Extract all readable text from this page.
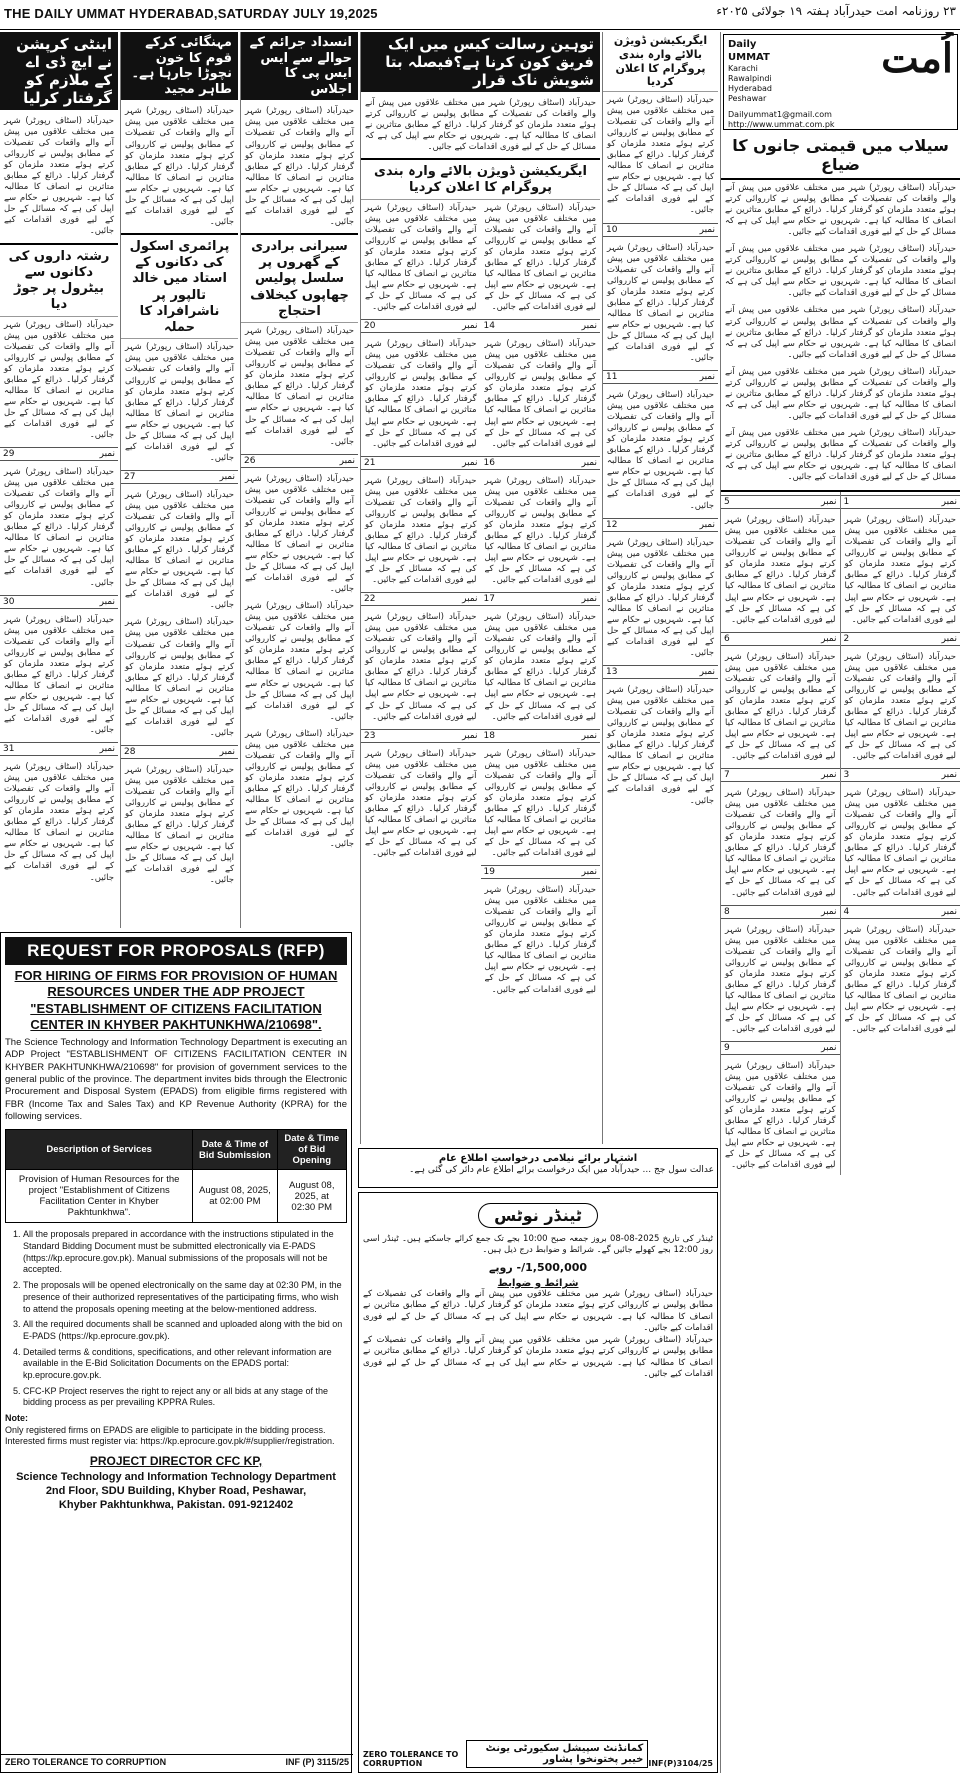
THE DAILY UMMAT HYDERABAD,SATURDAY JULY 19,2025	۲۳ روزنامہ امت حیدرآباد ہفتہ ۱۹ جولائی ۲۰۲۵ء
اینٹی کرپشن نے ایچ ڈی اے کے ملازم کو گرفتار کرلیا
حیدرآباد (اسٹاف رپورٹر) شہر میں مختلف علاقوں میں پیش آنے والے واقعات کی تفصیلات کے مطابق پولیس نے کارروائی کرتے ہوئے متعدد ملزمان کو گرفتار کرلیا۔ ذرائع کے مطابق متاثرین نے انصاف کا مطالبہ کیا ہے۔ شہریوں نے حکام سے اپیل کی ہے کہ مسائل کے حل کے لیے فوری اقدامات کیے جائیں۔
رشتہ داروں کی دکانوں سے بیٹرول پر جوڑ دیا
حیدرآباد (اسٹاف رپورٹر) شہر میں مختلف علاقوں میں پیش آنے والے واقعات کی تفصیلات کے مطابق پولیس نے کارروائی کرتے ہوئے متعدد ملزمان کو گرفتار کرلیا۔ ذرائع کے مطابق متاثرین نے انصاف کا مطالبہ کیا ہے۔ شہریوں نے حکام سے اپیل کی ہے کہ مسائل کے حل کے لیے فوری اقدامات کیے جائیں۔
نمبر
29
حیدرآباد (اسٹاف رپورٹر) شہر میں مختلف علاقوں میں پیش آنے والے واقعات کی تفصیلات کے مطابق پولیس نے کارروائی کرتے ہوئے متعدد ملزمان کو گرفتار کرلیا۔ ذرائع کے مطابق متاثرین نے انصاف کا مطالبہ کیا ہے۔ شہریوں نے حکام سے اپیل کی ہے کہ مسائل کے حل کے لیے فوری اقدامات کیے جائیں۔
نمبر
30
حیدرآباد (اسٹاف رپورٹر) شہر میں مختلف علاقوں میں پیش آنے والے واقعات کی تفصیلات کے مطابق پولیس نے کارروائی کرتے ہوئے متعدد ملزمان کو گرفتار کرلیا۔ ذرائع کے مطابق متاثرین نے انصاف کا مطالبہ کیا ہے۔ شہریوں نے حکام سے اپیل کی ہے کہ مسائل کے حل کے لیے فوری اقدامات کیے جائیں۔
نمبر
31
حیدرآباد (اسٹاف رپورٹر) شہر میں مختلف علاقوں میں پیش آنے والے واقعات کی تفصیلات کے مطابق پولیس نے کارروائی کرتے ہوئے متعدد ملزمان کو گرفتار کرلیا۔ ذرائع کے مطابق متاثرین نے انصاف کا مطالبہ کیا ہے۔ شہریوں نے حکام سے اپیل کی ہے کہ مسائل کے حل کے لیے فوری اقدامات کیے جائیں۔
مہنگائی کرکے قوم کا خون نچوڑا جارہا ہے۔طاہر مجید
حیدرآباد (اسٹاف رپورٹر) شہر میں مختلف علاقوں میں پیش آنے والے واقعات کی تفصیلات کے مطابق پولیس نے کارروائی کرتے ہوئے متعدد ملزمان کو گرفتار کرلیا۔ ذرائع کے مطابق متاثرین نے انصاف کا مطالبہ کیا ہے۔ شہریوں نے حکام سے اپیل کی ہے کہ مسائل کے حل کے لیے فوری اقدامات کیے جائیں۔
پرائمری اسکول کی دکانوں کے استاد میں خالد تالپور پر ناشرافراد کا حملہ
حیدرآباد (اسٹاف رپورٹر) شہر میں مختلف علاقوں میں پیش آنے والے واقعات کی تفصیلات کے مطابق پولیس نے کارروائی کرتے ہوئے متعدد ملزمان کو گرفتار کرلیا۔ ذرائع کے مطابق متاثرین نے انصاف کا مطالبہ کیا ہے۔ شہریوں نے حکام سے اپیل کی ہے کہ مسائل کے حل کے لیے فوری اقدامات کیے جائیں۔
نمبر
27
حیدرآباد (اسٹاف رپورٹر) شہر میں مختلف علاقوں میں پیش آنے والے واقعات کی تفصیلات کے مطابق پولیس نے کارروائی کرتے ہوئے متعدد ملزمان کو گرفتار کرلیا۔ ذرائع کے مطابق متاثرین نے انصاف کا مطالبہ کیا ہے۔ شہریوں نے حکام سے اپیل کی ہے کہ مسائل کے حل کے لیے فوری اقدامات کیے جائیں۔
حیدرآباد (اسٹاف رپورٹر) شہر میں مختلف علاقوں میں پیش آنے والے واقعات کی تفصیلات کے مطابق پولیس نے کارروائی کرتے ہوئے متعدد ملزمان کو گرفتار کرلیا۔ ذرائع کے مطابق متاثرین نے انصاف کا مطالبہ کیا ہے۔ شہریوں نے حکام سے اپیل کی ہے کہ مسائل کے حل کے لیے فوری اقدامات کیے جائیں۔
نمبر
28
حیدرآباد (اسٹاف رپورٹر) شہر میں مختلف علاقوں میں پیش آنے والے واقعات کی تفصیلات کے مطابق پولیس نے کارروائی کرتے ہوئے متعدد ملزمان کو گرفتار کرلیا۔ ذرائع کے مطابق متاثرین نے انصاف کا مطالبہ کیا ہے۔ شہریوں نے حکام سے اپیل کی ہے کہ مسائل کے حل کے لیے فوری اقدامات کیے جائیں۔
انسداد جرائم کے حوالے سے ایس ایس پی کا اجلاس
حیدرآباد (اسٹاف رپورٹر) شہر میں مختلف علاقوں میں پیش آنے والے واقعات کی تفصیلات کے مطابق پولیس نے کارروائی کرتے ہوئے متعدد ملزمان کو گرفتار کرلیا۔ ذرائع کے مطابق متاثرین نے انصاف کا مطالبہ کیا ہے۔ شہریوں نے حکام سے اپیل کی ہے کہ مسائل کے حل کے لیے فوری اقدامات کیے جائیں۔
سیرانی برادری کے گھروں پر سلسل پولیس چھاپوں کیخلاف احتجاج
حیدرآباد (اسٹاف رپورٹر) شہر میں مختلف علاقوں میں پیش آنے والے واقعات کی تفصیلات کے مطابق پولیس نے کارروائی کرتے ہوئے متعدد ملزمان کو گرفتار کرلیا۔ ذرائع کے مطابق متاثرین نے انصاف کا مطالبہ کیا ہے۔ شہریوں نے حکام سے اپیل کی ہے کہ مسائل کے حل کے لیے فوری اقدامات کیے جائیں۔
نمبر
26
حیدرآباد (اسٹاف رپورٹر) شہر میں مختلف علاقوں میں پیش آنے والے واقعات کی تفصیلات کے مطابق پولیس نے کارروائی کرتے ہوئے متعدد ملزمان کو گرفتار کرلیا۔ ذرائع کے مطابق متاثرین نے انصاف کا مطالبہ کیا ہے۔ شہریوں نے حکام سے اپیل کی ہے کہ مسائل کے حل کے لیے فوری اقدامات کیے جائیں۔
حیدرآباد (اسٹاف رپورٹر) شہر میں مختلف علاقوں میں پیش آنے والے واقعات کی تفصیلات کے مطابق پولیس نے کارروائی کرتے ہوئے متعدد ملزمان کو گرفتار کرلیا۔ ذرائع کے مطابق متاثرین نے انصاف کا مطالبہ کیا ہے۔ شہریوں نے حکام سے اپیل کی ہے کہ مسائل کے حل کے لیے فوری اقدامات کیے جائیں۔
حیدرآباد (اسٹاف رپورٹر) شہر میں مختلف علاقوں میں پیش آنے والے واقعات کی تفصیلات کے مطابق پولیس نے کارروائی کرتے ہوئے متعدد ملزمان کو گرفتار کرلیا۔ ذرائع کے مطابق متاثرین نے انصاف کا مطالبہ کیا ہے۔ شہریوں نے حکام سے اپیل کی ہے کہ مسائل کے حل کے لیے فوری اقدامات کیے جائیں۔
توہین رسالت کیس میں ایک فریق کون کرنا ہے؟فیصلہ بتا شویش ناک قرار
حیدرآباد (اسٹاف رپورٹر) شہر میں مختلف علاقوں میں پیش آنے والے واقعات کی تفصیلات کے مطابق پولیس نے کارروائی کرتے ہوئے متعدد ملزمان کو گرفتار کرلیا۔ ذرائع کے مطابق متاثرین نے انصاف کا مطالبہ کیا ہے۔ شہریوں نے حکام سے اپیل کی ہے کہ مسائل کے حل کے لیے فوری اقدامات کیے جائیں۔
ایگریکیشن ڈویژن بالائے وارہ بندی پروگرام کا اعلان کردیا
حیدرآباد (اسٹاف رپورٹر) شہر میں مختلف علاقوں میں پیش آنے والے واقعات کی تفصیلات کے مطابق پولیس نے کارروائی کرتے ہوئے متعدد ملزمان کو گرفتار کرلیا۔ ذرائع کے مطابق متاثرین نے انصاف کا مطالبہ کیا ہے۔ شہریوں نے حکام سے اپیل کی ہے کہ مسائل کے حل کے لیے فوری اقدامات کیے جائیں۔
نمبر
20
حیدرآباد (اسٹاف رپورٹر) شہر میں مختلف علاقوں میں پیش آنے والے واقعات کی تفصیلات کے مطابق پولیس نے کارروائی کرتے ہوئے متعدد ملزمان کو گرفتار کرلیا۔ ذرائع کے مطابق متاثرین نے انصاف کا مطالبہ کیا ہے۔ شہریوں نے حکام سے اپیل کی ہے کہ مسائل کے حل کے لیے فوری اقدامات کیے جائیں۔
نمبر
21
حیدرآباد (اسٹاف رپورٹر) شہر میں مختلف علاقوں میں پیش آنے والے واقعات کی تفصیلات کے مطابق پولیس نے کارروائی کرتے ہوئے متعدد ملزمان کو گرفتار کرلیا۔ ذرائع کے مطابق متاثرین نے انصاف کا مطالبہ کیا ہے۔ شہریوں نے حکام سے اپیل کی ہے کہ مسائل کے حل کے لیے فوری اقدامات کیے جائیں۔
نمبر
22
حیدرآباد (اسٹاف رپورٹر) شہر میں مختلف علاقوں میں پیش آنے والے واقعات کی تفصیلات کے مطابق پولیس نے کارروائی کرتے ہوئے متعدد ملزمان کو گرفتار کرلیا۔ ذرائع کے مطابق متاثرین نے انصاف کا مطالبہ کیا ہے۔ شہریوں نے حکام سے اپیل کی ہے کہ مسائل کے حل کے لیے فوری اقدامات کیے جائیں۔
نمبر
23
حیدرآباد (اسٹاف رپورٹر) شہر میں مختلف علاقوں میں پیش آنے والے واقعات کی تفصیلات کے مطابق پولیس نے کارروائی کرتے ہوئے متعدد ملزمان کو گرفتار کرلیا۔ ذرائع کے مطابق متاثرین نے انصاف کا مطالبہ کیا ہے۔ شہریوں نے حکام سے اپیل کی ہے کہ مسائل کے حل کے لیے فوری اقدامات کیے جائیں۔
حیدرآباد (اسٹاف رپورٹر) شہر میں مختلف علاقوں میں پیش آنے والے واقعات کی تفصیلات کے مطابق پولیس نے کارروائی کرتے ہوئے متعدد ملزمان کو گرفتار کرلیا۔ ذرائع کے مطابق متاثرین نے انصاف کا مطالبہ کیا ہے۔ شہریوں نے حکام سے اپیل کی ہے کہ مسائل کے حل کے لیے فوری اقدامات کیے جائیں۔
نمبر
14
حیدرآباد (اسٹاف رپورٹر) شہر میں مختلف علاقوں میں پیش آنے والے واقعات کی تفصیلات کے مطابق پولیس نے کارروائی کرتے ہوئے متعدد ملزمان کو گرفتار کرلیا۔ ذرائع کے مطابق متاثرین نے انصاف کا مطالبہ کیا ہے۔ شہریوں نے حکام سے اپیل کی ہے کہ مسائل کے حل کے لیے فوری اقدامات کیے جائیں۔
نمبر
16
حیدرآباد (اسٹاف رپورٹر) شہر میں مختلف علاقوں میں پیش آنے والے واقعات کی تفصیلات کے مطابق پولیس نے کارروائی کرتے ہوئے متعدد ملزمان کو گرفتار کرلیا۔ ذرائع کے مطابق متاثرین نے انصاف کا مطالبہ کیا ہے۔ شہریوں نے حکام سے اپیل کی ہے کہ مسائل کے حل کے لیے فوری اقدامات کیے جائیں۔
نمبر
17
حیدرآباد (اسٹاف رپورٹر) شہر میں مختلف علاقوں میں پیش آنے والے واقعات کی تفصیلات کے مطابق پولیس نے کارروائی کرتے ہوئے متعدد ملزمان کو گرفتار کرلیا۔ ذرائع کے مطابق متاثرین نے انصاف کا مطالبہ کیا ہے۔ شہریوں نے حکام سے اپیل کی ہے کہ مسائل کے حل کے لیے فوری اقدامات کیے جائیں۔
نمبر
18
حیدرآباد (اسٹاف رپورٹر) شہر میں مختلف علاقوں میں پیش آنے والے واقعات کی تفصیلات کے مطابق پولیس نے کارروائی کرتے ہوئے متعدد ملزمان کو گرفتار کرلیا۔ ذرائع کے مطابق متاثرین نے انصاف کا مطالبہ کیا ہے۔ شہریوں نے حکام سے اپیل کی ہے کہ مسائل کے حل کے لیے فوری اقدامات کیے جائیں۔
نمبر
19
حیدرآباد (اسٹاف رپورٹر) شہر میں مختلف علاقوں میں پیش آنے والے واقعات کی تفصیلات کے مطابق پولیس نے کارروائی کرتے ہوئے متعدد ملزمان کو گرفتار کرلیا۔ ذرائع کے مطابق متاثرین نے انصاف کا مطالبہ کیا ہے۔ شہریوں نے حکام سے اپیل کی ہے کہ مسائل کے حل کے لیے فوری اقدامات کیے جائیں۔
ایگریکیشن ڈویژن بالائے وارہ بندی پروگرام کا اعلان کردیا
حیدرآباد (اسٹاف رپورٹر) شہر میں مختلف علاقوں میں پیش آنے والے واقعات کی تفصیلات کے مطابق پولیس نے کارروائی کرتے ہوئے متعدد ملزمان کو گرفتار کرلیا۔ ذرائع کے مطابق متاثرین نے انصاف کا مطالبہ کیا ہے۔ شہریوں نے حکام سے اپیل کی ہے کہ مسائل کے حل کے لیے فوری اقدامات کیے جائیں۔
نمبر
10
حیدرآباد (اسٹاف رپورٹر) شہر میں مختلف علاقوں میں پیش آنے والے واقعات کی تفصیلات کے مطابق پولیس نے کارروائی کرتے ہوئے متعدد ملزمان کو گرفتار کرلیا۔ ذرائع کے مطابق متاثرین نے انصاف کا مطالبہ کیا ہے۔ شہریوں نے حکام سے اپیل کی ہے کہ مسائل کے حل کے لیے فوری اقدامات کیے جائیں۔
نمبر
11
حیدرآباد (اسٹاف رپورٹر) شہر میں مختلف علاقوں میں پیش آنے والے واقعات کی تفصیلات کے مطابق پولیس نے کارروائی کرتے ہوئے متعدد ملزمان کو گرفتار کرلیا۔ ذرائع کے مطابق متاثرین نے انصاف کا مطالبہ کیا ہے۔ شہریوں نے حکام سے اپیل کی ہے کہ مسائل کے حل کے لیے فوری اقدامات کیے جائیں۔
نمبر
12
حیدرآباد (اسٹاف رپورٹر) شہر میں مختلف علاقوں میں پیش آنے والے واقعات کی تفصیلات کے مطابق پولیس نے کارروائی کرتے ہوئے متعدد ملزمان کو گرفتار کرلیا۔ ذرائع کے مطابق متاثرین نے انصاف کا مطالبہ کیا ہے۔ شہریوں نے حکام سے اپیل کی ہے کہ مسائل کے حل کے لیے فوری اقدامات کیے جائیں۔
نمبر
13
حیدرآباد (اسٹاف رپورٹر) شہر میں مختلف علاقوں میں پیش آنے والے واقعات کی تفصیلات کے مطابق پولیس نے کارروائی کرتے ہوئے متعدد ملزمان کو گرفتار کرلیا۔ ذرائع کے مطابق متاثرین نے انصاف کا مطالبہ کیا ہے۔ شہریوں نے حکام سے اپیل کی ہے کہ مسائل کے حل کے لیے فوری اقدامات کیے جائیں۔
Daily UMMAT
Karachi Rawalpindi Hyderabad Peshawar
اُمت
Dailyummat1@gmail.com
http://www.ummat.com.pk
سیلاب میں قیمتی جانوں کا ضیاع
حیدرآباد (اسٹاف رپورٹر) شہر میں مختلف علاقوں میں پیش آنے والے واقعات کی تفصیلات کے مطابق پولیس نے کارروائی کرتے ہوئے متعدد ملزمان کو گرفتار کرلیا۔ ذرائع کے مطابق متاثرین نے انصاف کا مطالبہ کیا ہے۔ شہریوں نے حکام سے اپیل کی ہے کہ مسائل کے حل کے لیے فوری اقدامات کیے جائیں۔
حیدرآباد (اسٹاف رپورٹر) شہر میں مختلف علاقوں میں پیش آنے والے واقعات کی تفصیلات کے مطابق پولیس نے کارروائی کرتے ہوئے متعدد ملزمان کو گرفتار کرلیا۔ ذرائع کے مطابق متاثرین نے انصاف کا مطالبہ کیا ہے۔ شہریوں نے حکام سے اپیل کی ہے کہ مسائل کے حل کے لیے فوری اقدامات کیے جائیں۔
حیدرآباد (اسٹاف رپورٹر) شہر میں مختلف علاقوں میں پیش آنے والے واقعات کی تفصیلات کے مطابق پولیس نے کارروائی کرتے ہوئے متعدد ملزمان کو گرفتار کرلیا۔ ذرائع کے مطابق متاثرین نے انصاف کا مطالبہ کیا ہے۔ شہریوں نے حکام سے اپیل کی ہے کہ مسائل کے حل کے لیے فوری اقدامات کیے جائیں۔
حیدرآباد (اسٹاف رپورٹر) شہر میں مختلف علاقوں میں پیش آنے والے واقعات کی تفصیلات کے مطابق پولیس نے کارروائی کرتے ہوئے متعدد ملزمان کو گرفتار کرلیا۔ ذرائع کے مطابق متاثرین نے انصاف کا مطالبہ کیا ہے۔ شہریوں نے حکام سے اپیل کی ہے کہ مسائل کے حل کے لیے فوری اقدامات کیے جائیں۔
حیدرآباد (اسٹاف رپورٹر) شہر میں مختلف علاقوں میں پیش آنے والے واقعات کی تفصیلات کے مطابق پولیس نے کارروائی کرتے ہوئے متعدد ملزمان کو گرفتار کرلیا۔ ذرائع کے مطابق متاثرین نے انصاف کا مطالبہ کیا ہے۔ شہریوں نے حکام سے اپیل کی ہے کہ مسائل کے حل کے لیے فوری اقدامات کیے جائیں۔
نمبر
5
حیدرآباد (اسٹاف رپورٹر) شہر میں مختلف علاقوں میں پیش آنے والے واقعات کی تفصیلات کے مطابق پولیس نے کارروائی کرتے ہوئے متعدد ملزمان کو گرفتار کرلیا۔ ذرائع کے مطابق متاثرین نے انصاف کا مطالبہ کیا ہے۔ شہریوں نے حکام سے اپیل کی ہے کہ مسائل کے حل کے لیے فوری اقدامات کیے جائیں۔
نمبر
6
حیدرآباد (اسٹاف رپورٹر) شہر میں مختلف علاقوں میں پیش آنے والے واقعات کی تفصیلات کے مطابق پولیس نے کارروائی کرتے ہوئے متعدد ملزمان کو گرفتار کرلیا۔ ذرائع کے مطابق متاثرین نے انصاف کا مطالبہ کیا ہے۔ شہریوں نے حکام سے اپیل کی ہے کہ مسائل کے حل کے لیے فوری اقدامات کیے جائیں۔
نمبر
7
حیدرآباد (اسٹاف رپورٹر) شہر میں مختلف علاقوں میں پیش آنے والے واقعات کی تفصیلات کے مطابق پولیس نے کارروائی کرتے ہوئے متعدد ملزمان کو گرفتار کرلیا۔ ذرائع کے مطابق متاثرین نے انصاف کا مطالبہ کیا ہے۔ شہریوں نے حکام سے اپیل کی ہے کہ مسائل کے حل کے لیے فوری اقدامات کیے جائیں۔
نمبر
8
حیدرآباد (اسٹاف رپورٹر) شہر میں مختلف علاقوں میں پیش آنے والے واقعات کی تفصیلات کے مطابق پولیس نے کارروائی کرتے ہوئے متعدد ملزمان کو گرفتار کرلیا۔ ذرائع کے مطابق متاثرین نے انصاف کا مطالبہ کیا ہے۔ شہریوں نے حکام سے اپیل کی ہے کہ مسائل کے حل کے لیے فوری اقدامات کیے جائیں۔
نمبر
9
حیدرآباد (اسٹاف رپورٹر) شہر میں مختلف علاقوں میں پیش آنے والے واقعات کی تفصیلات کے مطابق پولیس نے کارروائی کرتے ہوئے متعدد ملزمان کو گرفتار کرلیا۔ ذرائع کے مطابق متاثرین نے انصاف کا مطالبہ کیا ہے۔ شہریوں نے حکام سے اپیل کی ہے کہ مسائل کے حل کے لیے فوری اقدامات کیے جائیں۔
نمبر
1
حیدرآباد (اسٹاف رپورٹر) شہر میں مختلف علاقوں میں پیش آنے والے واقعات کی تفصیلات کے مطابق پولیس نے کارروائی کرتے ہوئے متعدد ملزمان کو گرفتار کرلیا۔ ذرائع کے مطابق متاثرین نے انصاف کا مطالبہ کیا ہے۔ شہریوں نے حکام سے اپیل کی ہے کہ مسائل کے حل کے لیے فوری اقدامات کیے جائیں۔
نمبر
2
حیدرآباد (اسٹاف رپورٹر) شہر میں مختلف علاقوں میں پیش آنے والے واقعات کی تفصیلات کے مطابق پولیس نے کارروائی کرتے ہوئے متعدد ملزمان کو گرفتار کرلیا۔ ذرائع کے مطابق متاثرین نے انصاف کا مطالبہ کیا ہے۔ شہریوں نے حکام سے اپیل کی ہے کہ مسائل کے حل کے لیے فوری اقدامات کیے جائیں۔
نمبر
3
حیدرآباد (اسٹاف رپورٹر) شہر میں مختلف علاقوں میں پیش آنے والے واقعات کی تفصیلات کے مطابق پولیس نے کارروائی کرتے ہوئے متعدد ملزمان کو گرفتار کرلیا۔ ذرائع کے مطابق متاثرین نے انصاف کا مطالبہ کیا ہے۔ شہریوں نے حکام سے اپیل کی ہے کہ مسائل کے حل کے لیے فوری اقدامات کیے جائیں۔
نمبر
4
حیدرآباد (اسٹاف رپورٹر) شہر میں مختلف علاقوں میں پیش آنے والے واقعات کی تفصیلات کے مطابق پولیس نے کارروائی کرتے ہوئے متعدد ملزمان کو گرفتار کرلیا۔ ذرائع کے مطابق متاثرین نے انصاف کا مطالبہ کیا ہے۔ شہریوں نے حکام سے اپیل کی ہے کہ مسائل کے حل کے لیے فوری اقدامات کیے جائیں۔
REQUEST FOR PROPOSALS (RFP)
FOR HIRING OF FIRMS FOR PROVISION OF HUMAN RESOURCES UNDER THE ADP PROJECT "ESTABLISHMENT OF CITIZENS FACILITATION CENTER IN KHYBER PAKHTUNKHWA/210698".
The Science Technology and Information Technology Department is executing an ADP Project "ESTABLISHMENT OF CITIZENS FACILITATION CENTER IN KHYBER PAKHTUNKHWA/210698" for provision of government services to the general public of the province. The department invites bids through the Electronic Procurement and Disposal System (EPADS) from eligible firms registered with FBR (Income Tax and Sales Tax) and KP Revenue Authority (KPRA) for the following services.
Description of Services	Date & Time of Bid Submission	Date & Time of Bid Opening
Provision of Human Resources for the project "Establishment of Citizens Facilitation Center in Khyber Pakhtunkhwa".	August 08, 2025, at 02:00 PM	August 08, 2025, at 02:30 PM
1. All the proposals prepared in accordance with the instructions stipulated in the Standard Bidding Document must be submitted electronically via E-PADS (https://kp.eprocure.gov.pk). Manual submissions of the proposals will not be accepted.
2. The proposals will be opened electronically on the same day at 02:30 PM, in the presence of their authorized representatives of the participating firms, who wish to attend the proposals opening meeting at the below-mentioned address.
3. All the required documents shall be scanned and uploaded along with the bid on E-PADS (https://kp.eprocure.gov.pk).
4. Detailed terms & conditions, specifications, and other relevant information are available in the E-Bid Solicitation Documents on the EPADS portal: kp.eprocure.gov.pk.
5. CFC-KP Project reserves the right to reject any or all bids at any stage of the bidding process as per prevailing KPPRA Rules.
Note:
Only registered firms on EPADS are eligible to participate in the bidding process.
Interested firms must register via: https://kp.eprocure.gov.pk/#/supplier/registration.
PROJECT DIRECTOR CFC KP,
Science Technology and Information Technology Department
2nd Floor, SDU Building, Khyber Road, Peshawar,
Khyber Pakhtunkhwa, Pakistan. 091-9212402
ZERO TOLERANCE TO CORRUPTION	INF (P) 3115/25
اشتہار برائے نیلامی درخواستِ اطلاع عام
عدالت سول جج ... حیدرآباد میں ایک درخواست برائے اطلاع عام دائر کی گئی ہے۔
ٹینڈر نوٹس
ٹینڈر کی تاریخ 2025-08-08 بروز جمعہ صبح 10:00 بجے تک جمع کرائے جاسکتے ہیں۔ ٹینڈر اسی روز 12:00 بجے کھولے جائیں گے۔ شرائط و ضوابط درج ذیل ہیں۔
1,500,000/- روپے
شرائط و ضوابط
حیدرآباد (اسٹاف رپورٹر) شہر میں مختلف علاقوں میں پیش آنے والے واقعات کی تفصیلات کے مطابق پولیس نے کارروائی کرتے ہوئے متعدد ملزمان کو گرفتار کرلیا۔ ذرائع کے مطابق متاثرین نے انصاف کا مطالبہ کیا ہے۔ شہریوں نے حکام سے اپیل کی ہے کہ مسائل کے حل کے لیے فوری اقدامات کیے جائیں۔
حیدرآباد (اسٹاف رپورٹر) شہر میں مختلف علاقوں میں پیش آنے والے واقعات کی تفصیلات کے مطابق پولیس نے کارروائی کرتے ہوئے متعدد ملزمان کو گرفتار کرلیا۔ ذرائع کے مطابق متاثرین نے انصاف کا مطالبہ کیا ہے۔ شہریوں نے حکام سے اپیل کی ہے کہ مسائل کے حل کے لیے فوری اقدامات کیے جائیں۔
ZERO TOLERANCE TO CORRUPTION
کمانڈنٹ سپیشل سکیورٹی یونٹ خیبر پختونخوا پشاور INF(P)3104/25
